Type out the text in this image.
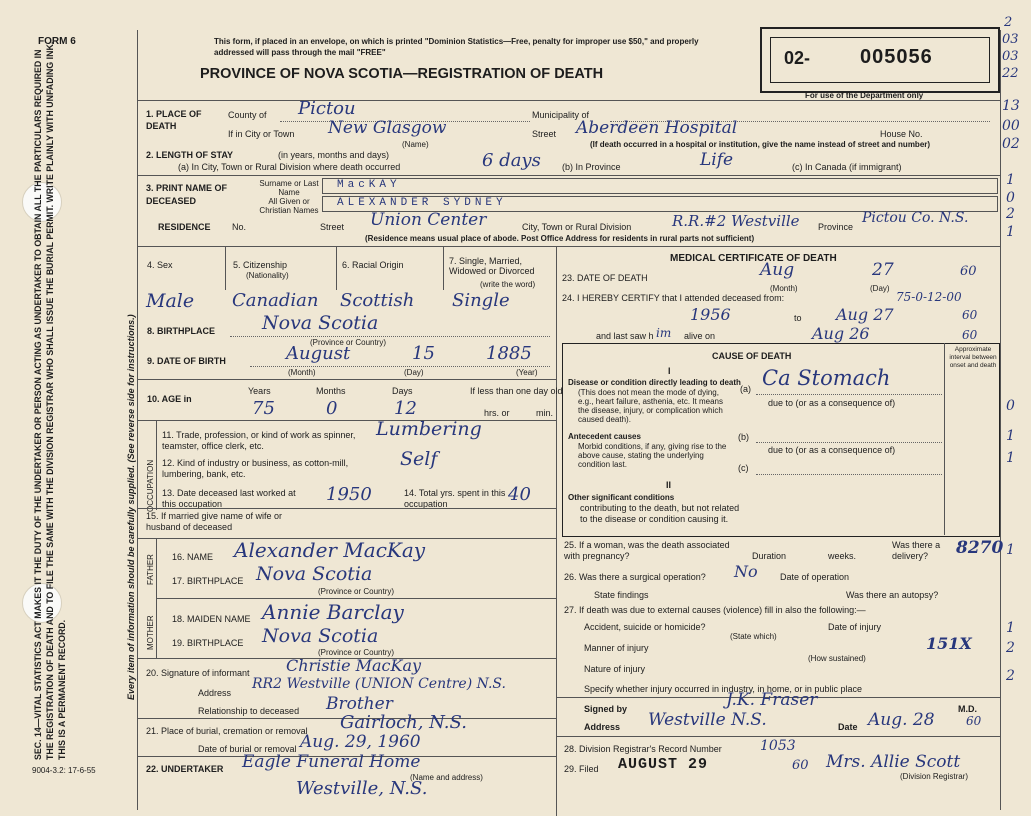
SEC. 14—VITAL STATISTICS ACT MAKES IT THE DUTY OF THE UNDERTAKER OR PERSON ACTING AS UNDERTAKER TO OBTAIN ALL THE PARTICULARS REQUIRED IN THE REGISTRATION OF DEATH AND TO FILE THE SAME WITH THE DIVISION REGISTRAR WHO SHALL ISSUE THE BURIAL PERMIT. WRITE PLAINLY WITH UNFADING INK. THIS IS A PERMANENT RECORD.	Every item of information should be carefully supplied. (See reverse side for instructions.)
FORM 6	This form, if placed in an envelope, on which is printed "Dominion Statistics—Free, penalty for improper use $50," and properly addressed will pass through the mail "FREE"
PROVINCE OF NOVA SCOTIA—REGISTRATION OF DEATH
02- 005056
For use of the Department only
2
03
03
22
13
00
02
1
0
2
1
0
1
1
1
1
2
2
1. PLACE OF DEATH
County of Pictou	Municipality of
If in City or Town New Glasgow
(Name)
Street Aberdeen Hospital	House No.
(If death occurred in a hospital or institution, give the name instead of street and number)
2. LENGTH OF STAY	(in years, months and days)
(a) In City, Town or Rural Division where death occurred	6 days (b) In Province	Life	(c) In Canada (if immigrant)
3. PRINT NAME OF DECEASED
Surname or Last Name
All Given or Christian Names
MacKAY
ALEXANDER SYDNEY
RESIDENCE No.	Street Union Center	City, Town or Rural Division	R.R.#2 Westville Province
Pictou Co. N.S.
(Residence means usual place of abode. Post Office Address for residents in rural parts not sufficient)
4. Sex	5. Citizenship
(Nationality)
6. Racial Origin	7. Single, Married, Widowed or Divorced
(write the word)
Male Canadian Scottish Single
8. BIRTHPLACE Nova Scotia
(Province or Country)
9. DATE OF BIRTH	August	15	1885
(Month)	(Day)	(Year)
10. AGE in
Years	Months	Days	If less than one day old
75	0	12	hrs. or	min.
OCCUPATION
11. Trade, profession, or kind of work as spinner, teamster, office clerk, etc.
Lumbering
12. Kind of industry or business, as cotton-mill, lumbering, bank, etc.
Self
13. Date deceased last worked at this occupation	1950	14. Total yrs. spent in this occupation	40
15. If married give name of wife or husband of deceased
FATHER 16. NAME Alexander MacKay
17. BIRTHPLACE Nova Scotia
(Province or Country)
MOTHER 18. MAIDEN NAME Annie Barclay
19. BIRTHPLACE Nova Scotia
(Province or Country)
20. Signature of informant Christie MacKay
Address
RR2 Westville (UNION Centre) N.S.
Relationship to deceased Brother
21. Place of burial, cremation or removal Gairloch, N.S.
Date of burial or removal Aug. 29, 1960
22. UNDERTAKER Eagle Funeral Home
(Name and address)
Westville, N.S.
9004-3.2: 17-6-55
MEDICAL CERTIFICATE OF DEATH
23. DATE OF DEATH	Aug	27	60
(Month)	(Day)
24. I HEREBY CERTIFY that I attended deceased from:	75-0-12-00
1956	to Aug 27	60
and last saw h im alive on	Aug 26	60
CAUSE OF DEATH
Approximate interval between onset and death
I
Disease or condition directly leading to death
(This does not mean the mode of dying, e.g., heart failure, asthenia, etc. It means the disease, injury, or complication which caused death).
(a) Ca Stomach
due to (or as a consequence of)
Antecedent causes
Morbid conditions, if any, giving rise to the above cause, stating the underlying condition last.
(b)
due to (or as a consequence of)
(c)
II
Other significant conditions
contributing to the death, but not related to the disease or condition causing it.
25. If a woman, was the death associated with pregnancy?	Duration	weeks.
Was there a delivery?	8270
26. Was there a surgical operation? No Date of operation
State findings	Was there an autopsy?
27. If death was due to external causes (violence) fill in also the following:—
Accident, suicide or homicide?
(State which)
Date of injury
Manner of injury	151X
(How sustained)
Nature of injury
Specify whether injury occurred in industry, in home, or in public place
Signed by	J.K. Fraser	M.D.
Address Westville N.S.	Date Aug. 28	60
28. Division Registrar's Record Number	1053
29. Filed AUGUST 29	60 Mrs. Allie Scott
(Division Registrar)
